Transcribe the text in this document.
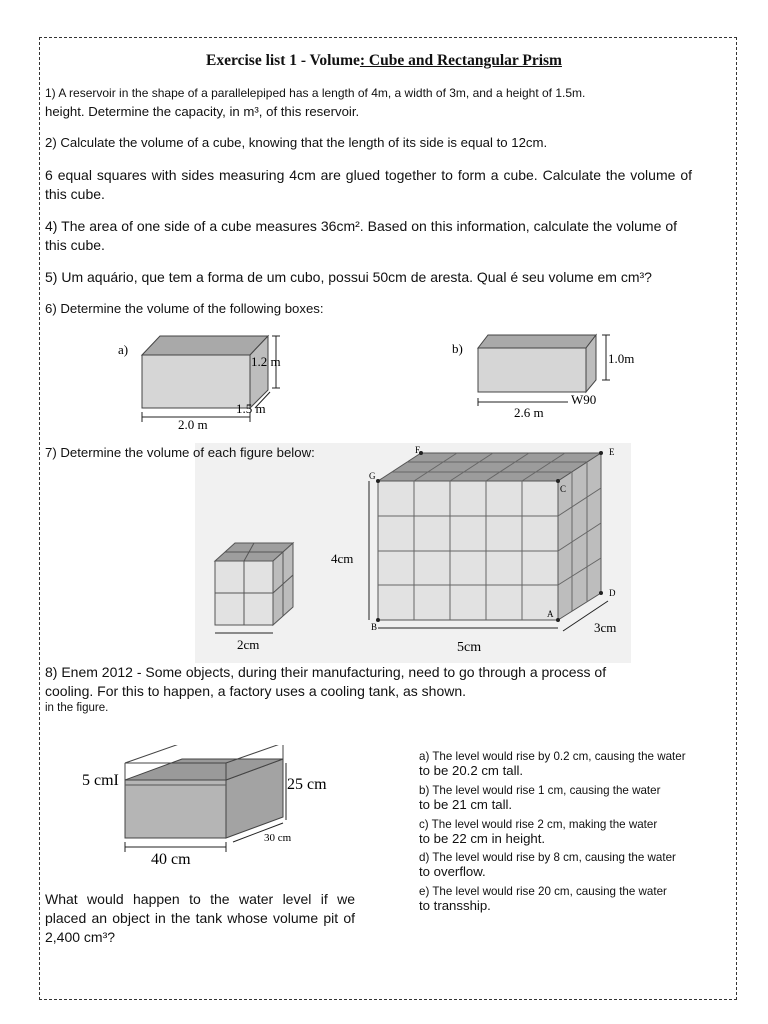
Exercise list 1 - Volume: Cube and Rectangular Prism
1) A reservoir in the shape of a parallelepiped has a length of 4m, a width of 3m, and a height of 1.5m.
height. Determine the capacity, in m³, of this reservoir.
2) Calculate the volume of a cube, knowing that the length of its side is equal to 12cm.
6 equal squares with sides measuring 4cm are glued together to form a cube. Calculate the volume of this cube.
4) The area of one side of a cube measures 36cm². Based on this information, calculate the volume of this cube.
5) Um aquário, que tem a forma de um cubo, possui 50cm de aresta. Qual é seu volume em cm³?
6) Determine the volume of the following boxes:
a)
1.2 m
1.5 m
2.0 m
b)
1.0m
W90
2.6 m
7) Determine the volume of each figure below:
2cm
F	E
G
C
D
A
B
4cm
5cm
3cm
8) Enem 2012 - Some objects, during their manufacturing, need to go through a process of
cooling. For this to happen, a factory uses a cooling tank, as shown.
in the figure.
5 cmI	25 cm
30 cm
40 cm
What would happen to the water level if we placed an object in the tank whose volume pit of 2,400 cm³?
a) The level would rise by 0.2 cm, causing the water
to be 20.2 cm tall.
b) The level would rise 1 cm, causing the water
to be 21 cm tall.
c) The level would rise 2 cm, making the water
to be 22 cm in height.
d) The level would rise by 8 cm, causing the water
to overflow.
e) The level would rise 20 cm, causing the water
to transship.
